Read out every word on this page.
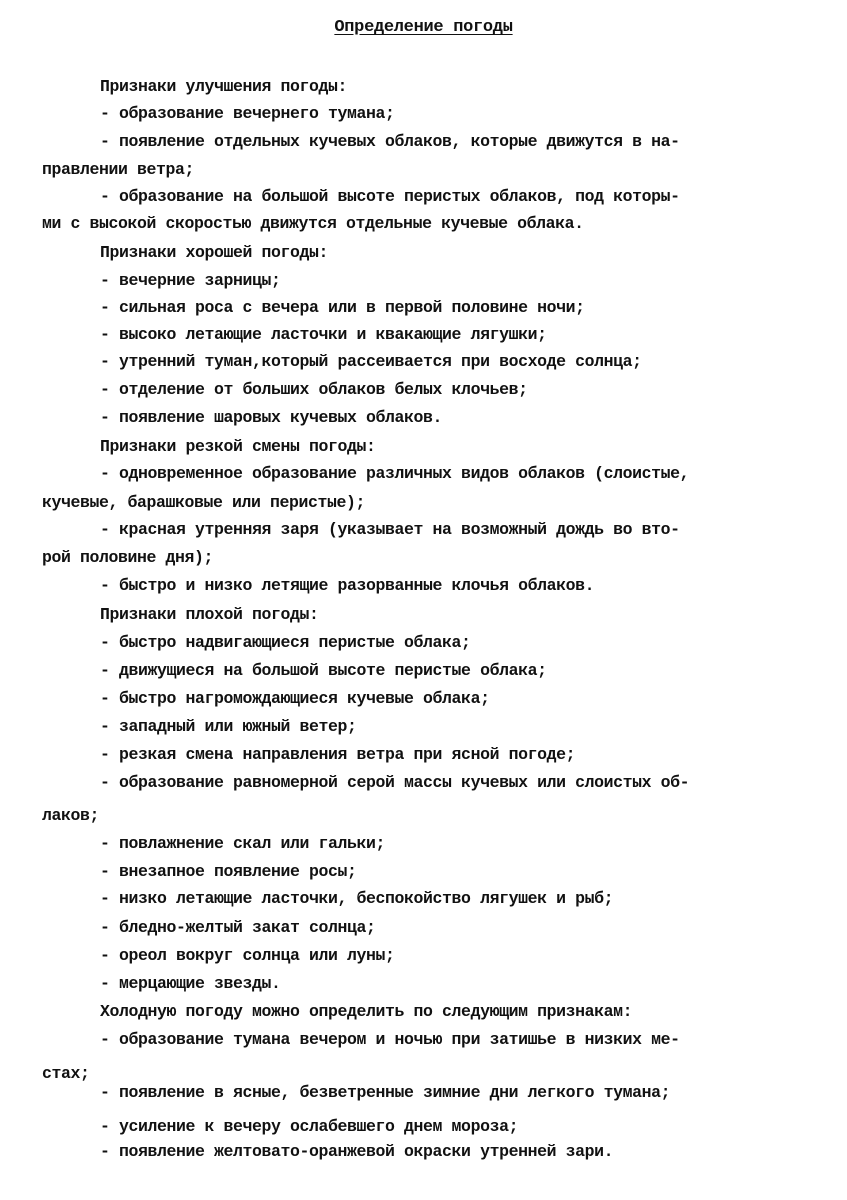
Определение погоды
Признаки улучшения погоды:
- образование вечернего тумана;
- появление отдельных кучевых облаков, которые движутся в на-
правлении ветра;
- образование на большой высоте перистых облаков, под которы-
ми с высокой скоростью движутся отдельные кучевые облака.
Признаки хорошей погоды:
- вечерние зарницы;
- сильная роса с вечера или в первой половине ночи;
- высоко летающие ласточки и квакающие лягушки;
- утренний туман,который рассеивается при восходе солнца;
- отделение от больших облаков белых клочьев;
- появление шаровых кучевых облаков.
Признаки резкой смены погоды:
- одновременное образование различных видов облаков (слоистые,
кучевые, барашковые или перистые);
- красная утренняя заря (указывает на возможный дождь во вто-
рой половине дня);
- быстро и низко летящие разорванные клочья облаков.
Признаки плохой погоды:
- быстро надвигающиеся перистые облака;
- движущиеся на большой высоте перистые облака;
- быстро нагромождающиеся кучевые облака;
- западный или южный ветер;
- резкая смена направления ветра при ясной погоде;
- образование равномерной серой массы кучевых или слоистых об-
лаков;
- повлажнение скал или гальки;
- внезапное появление росы;
- низко летающие ласточки, беспокойство лягушек и рыб;
- бледно-желтый закат солнца;
- ореол вокруг солнца или луны;
- мерцающие звезды.
Холодную погоду можно определить по следующим признакам:
- образование тумана вечером и ночью при затишье в низких ме-
стах;
- появление в ясные, безветренные зимние дни легкого тумана;
- усиление к вечеру ослабевшего днем мороза;
- появление желтовато-оранжевой окраски утренней зари.
